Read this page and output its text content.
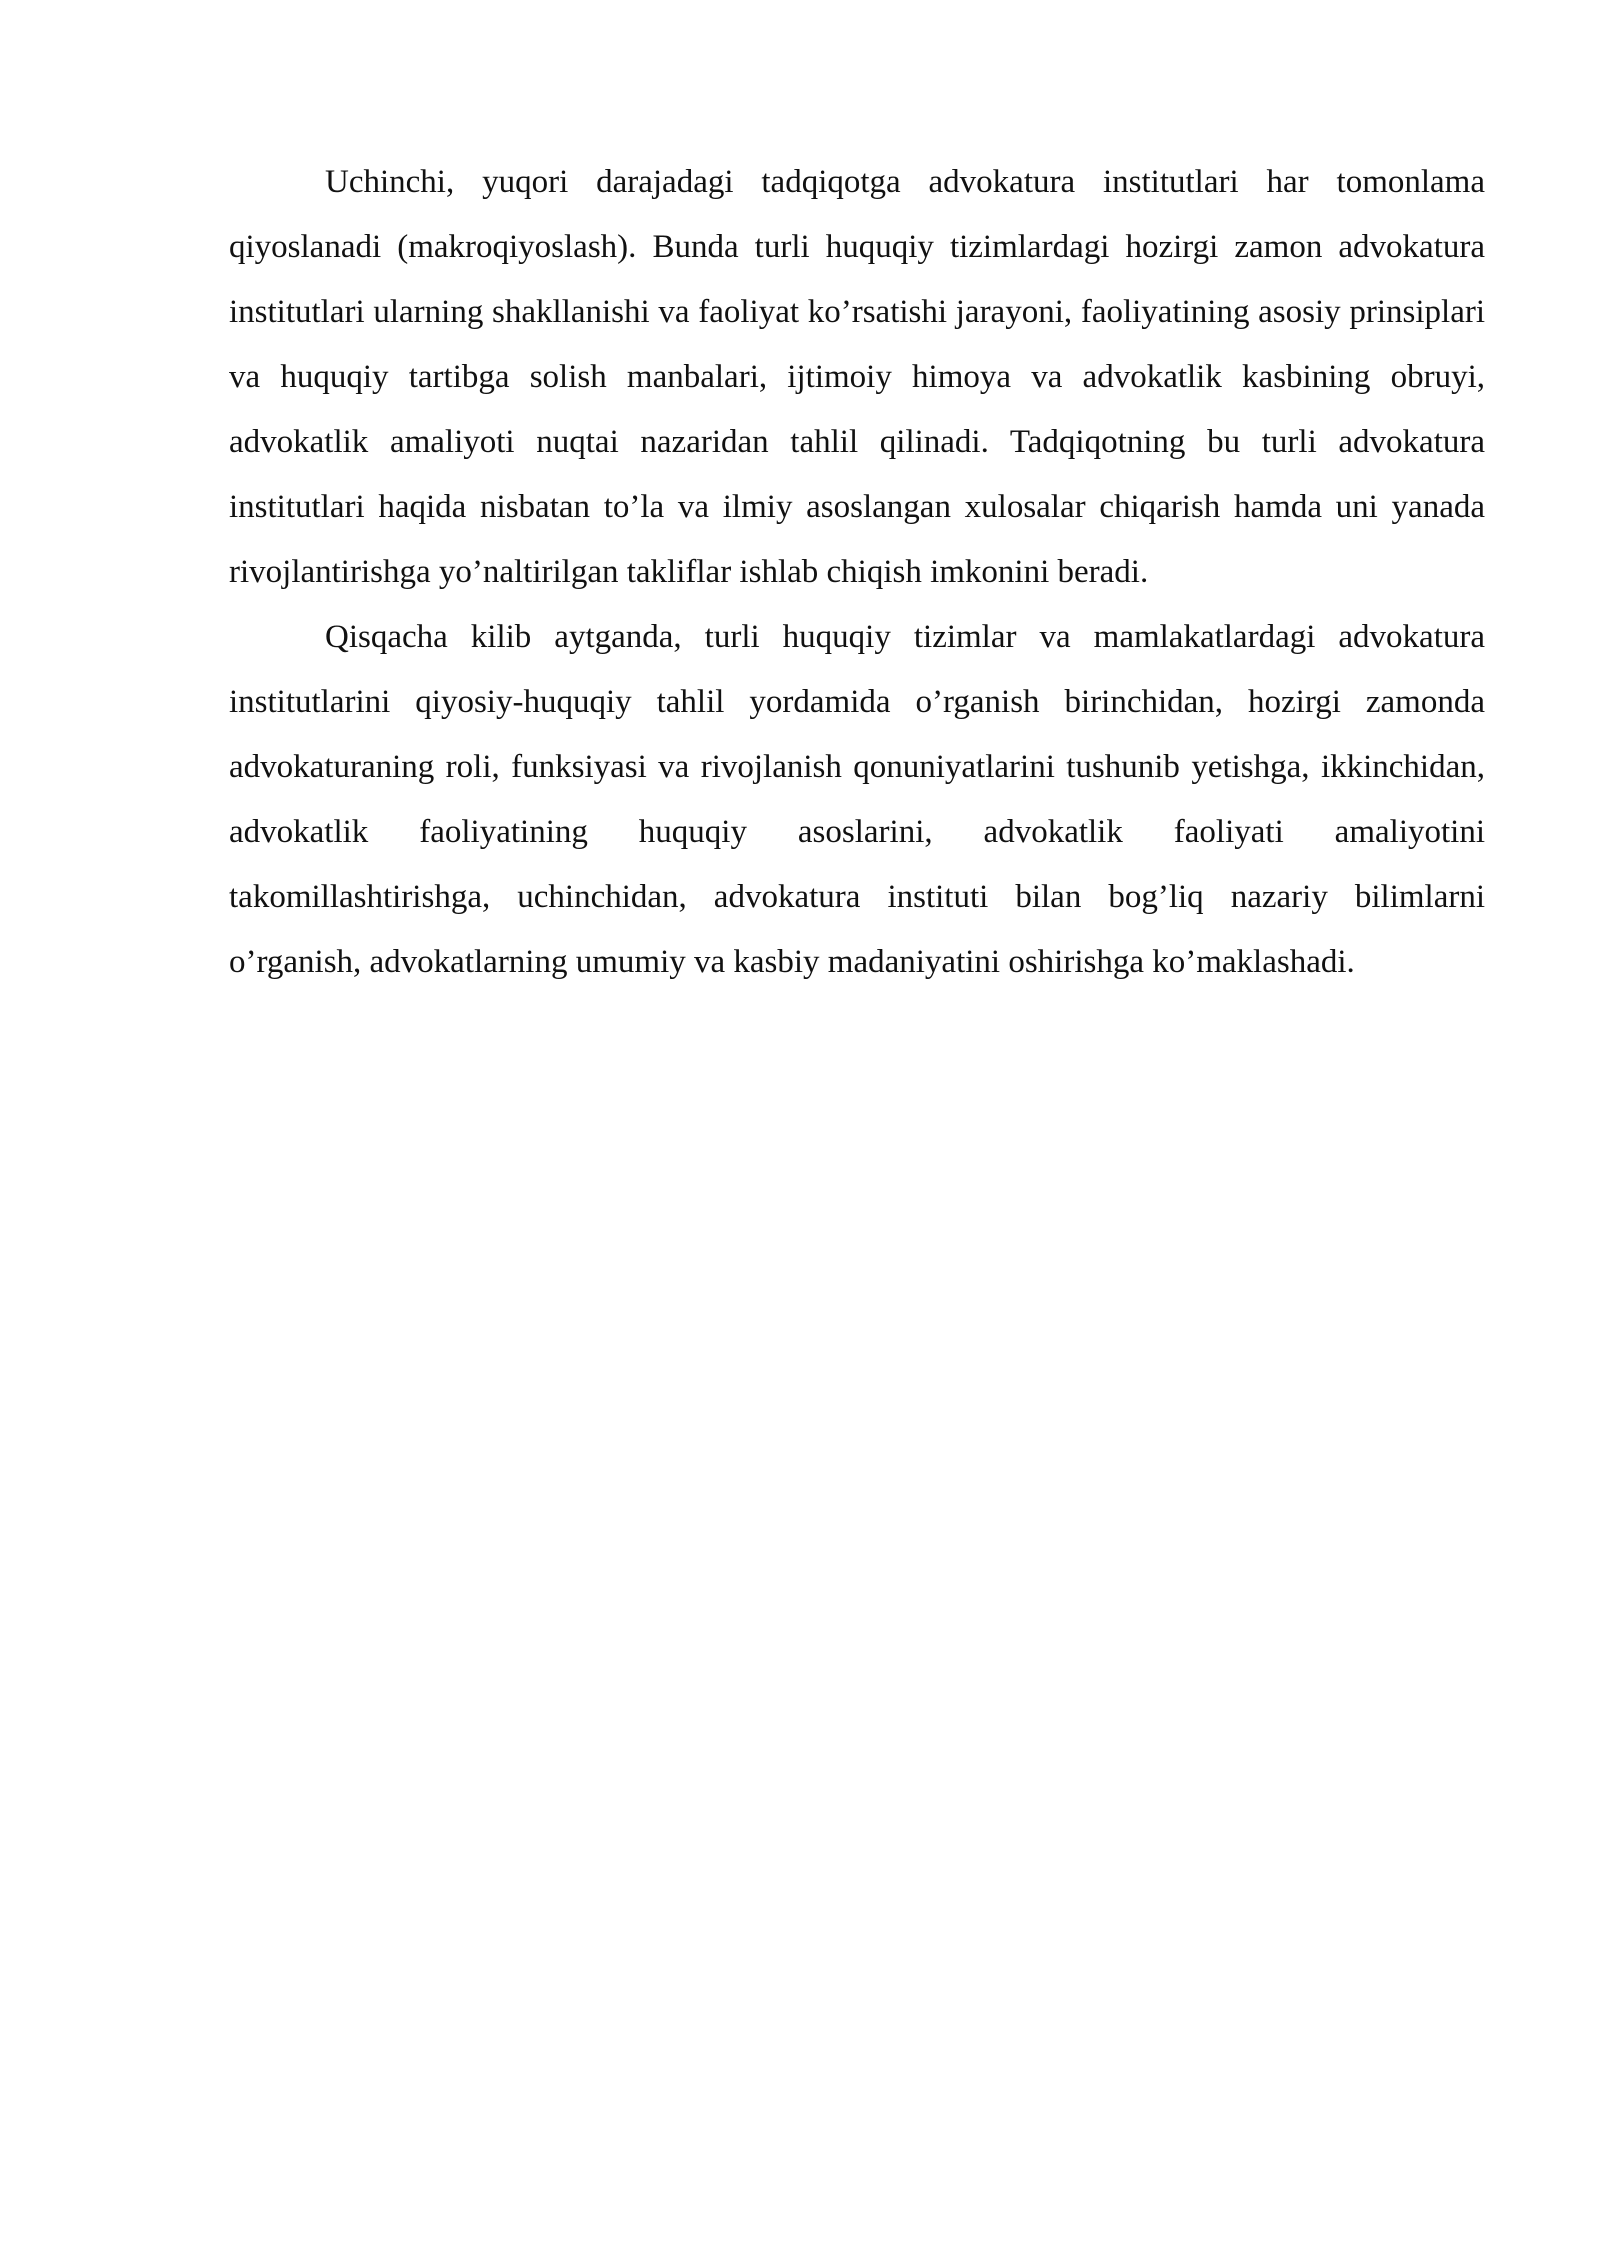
Uchinchi, yuqori darajadagi tadqiqotga advokatura institutlari har tomonlama qiyoslanadi (makroqiyoslash). Bunda turli huquqiy tizimlardagi hozirgi zamon advokatura institutlari ularning shakllanishi va faoliyat ko’rsatishi jarayoni, faoliyatining asosiy prinsiplari va huquqiy tartibga solish manbalari, ijtimoiy himoya va advokatlik kasbining obruyi, advokatlik amaliyoti nuqtai nazaridan tahlil qilinadi. Tadqiqotning bu turli advokatura institutlari haqida nisbatan to’la va ilmiy asoslangan xulosalar chiqarish hamda uni yanada rivojlantirishga yo’naltirilgan takliflar ishlab chiqish imkonini beradi.

Qisqacha kilib aytganda, turli huquqiy tizimlar va mamlakatlardagi advokatura institutlarini qiyosiy-huquqiy tahlil yordamida o’rganish birinchidan, hozirgi zamonda advokaturaning roli, funksiyasi va rivojlanish qonuniyatlarini tushunib yetishga, ikkinchidan, advokatlik faoliyatining huquqiy asoslarini, advokatlik faoliyati amaliyotini takomillashtirishga, uchinchidan, advokatura instituti bilan bog’liq nazariy bilimlarni o’rganish, advokatlarning umumiy va kasbiy madaniyatini oshirishga ko’maklashadi.
